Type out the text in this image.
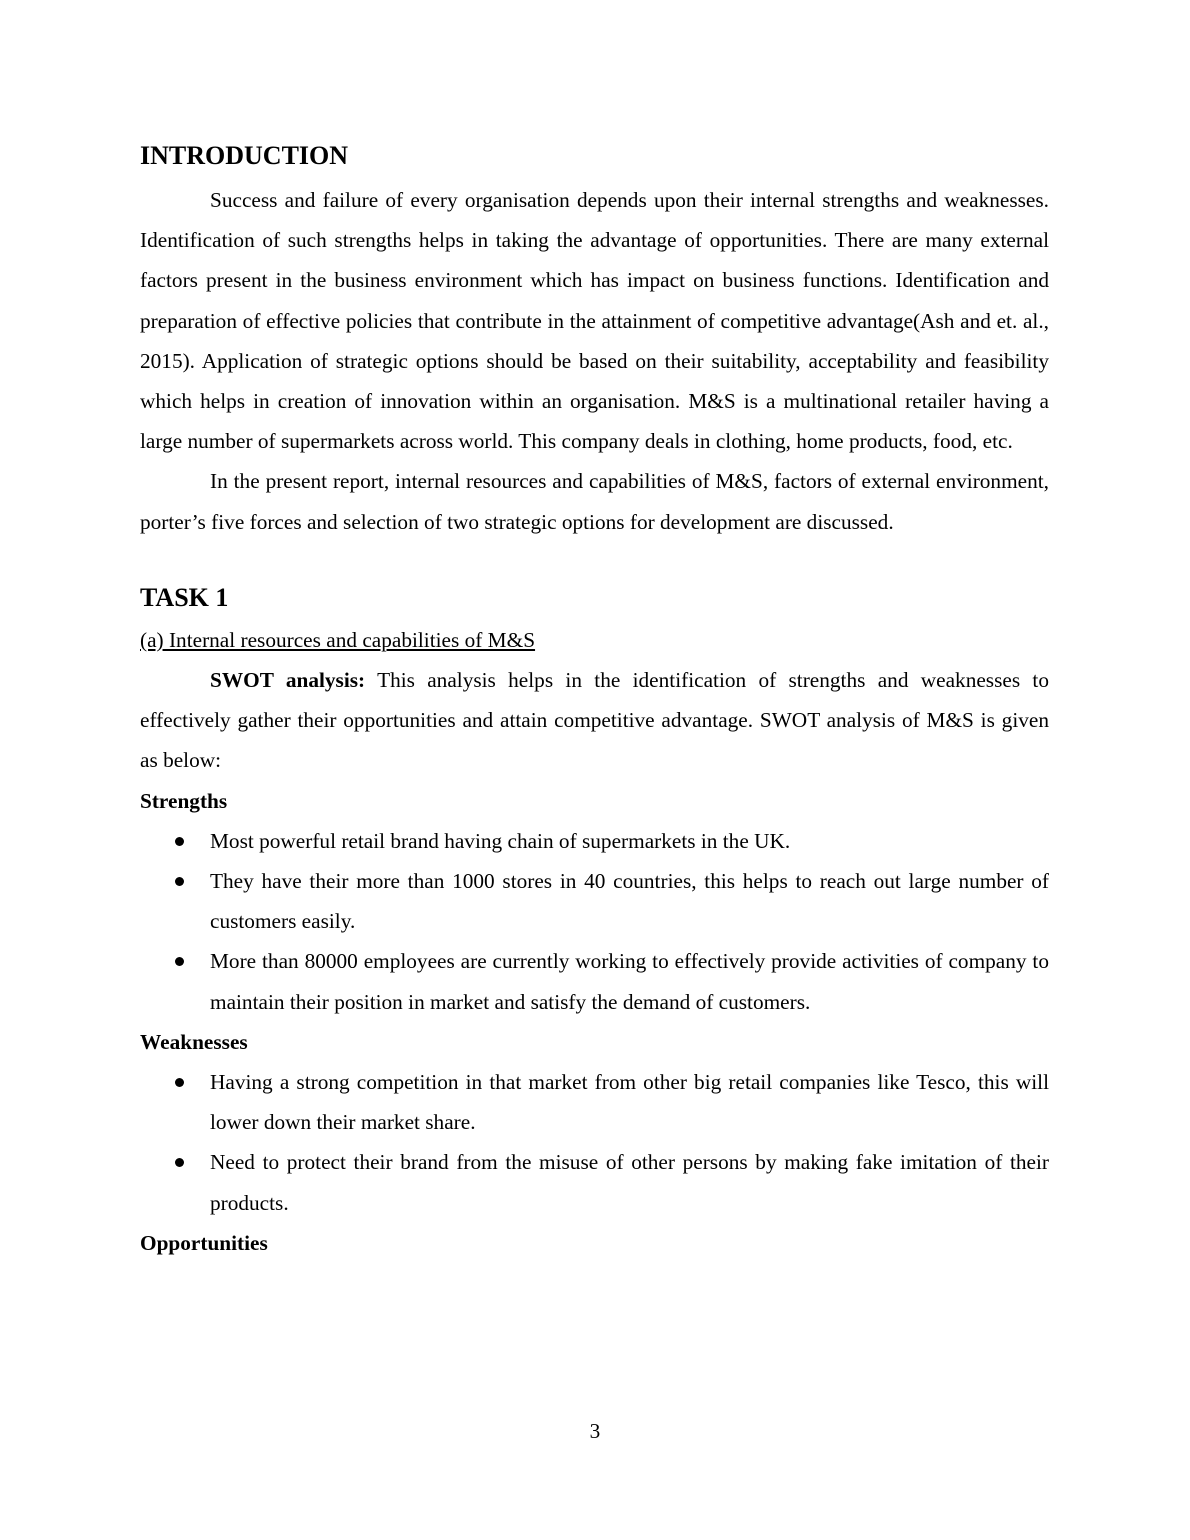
INTRODUCTION

Success and failure of every organisation depends upon their internal strengths and weaknesses. Identification of such strengths helps in taking the advantage of opportunities. There are many external factors present in the business environment which has impact on business functions. Identification and preparation of effective policies that contribute in the attainment of competitive advantage(Ash and et. al., 2015). Application of strategic options should be based on their suitability, acceptability and feasibility which helps in creation of innovation within an organisation. M&S is a multinational retailer having a large number of supermarkets across world. This company deals in clothing, home products, food, etc.

In the present report, internal resources and capabilities of M&S, factors of external environment, porter’s five forces and selection of two strategic options for development are discussed.

TASK 1
(a) Internal resources and capabilities of M&S

SWOT analysis: This analysis helps in the identification of strengths and weaknesses to effectively gather their opportunities and attain competitive advantage. SWOT analysis of M&S is given as below:

Strengths
Most powerful retail brand having chain of supermarkets in the UK.
They have their more than 1000 stores in 40 countries, this helps to reach out large number of customers easily.
More than 80000 employees are currently working to effectively provide activities of company to maintain their position in market and satisfy the demand of customers.
Weaknesses
Having a strong competition in that market from other big retail companies like Tesco, this will lower down their market share.
Need to protect their brand from the misuse of other persons by making fake imitation of their products.
Opportunities
3
